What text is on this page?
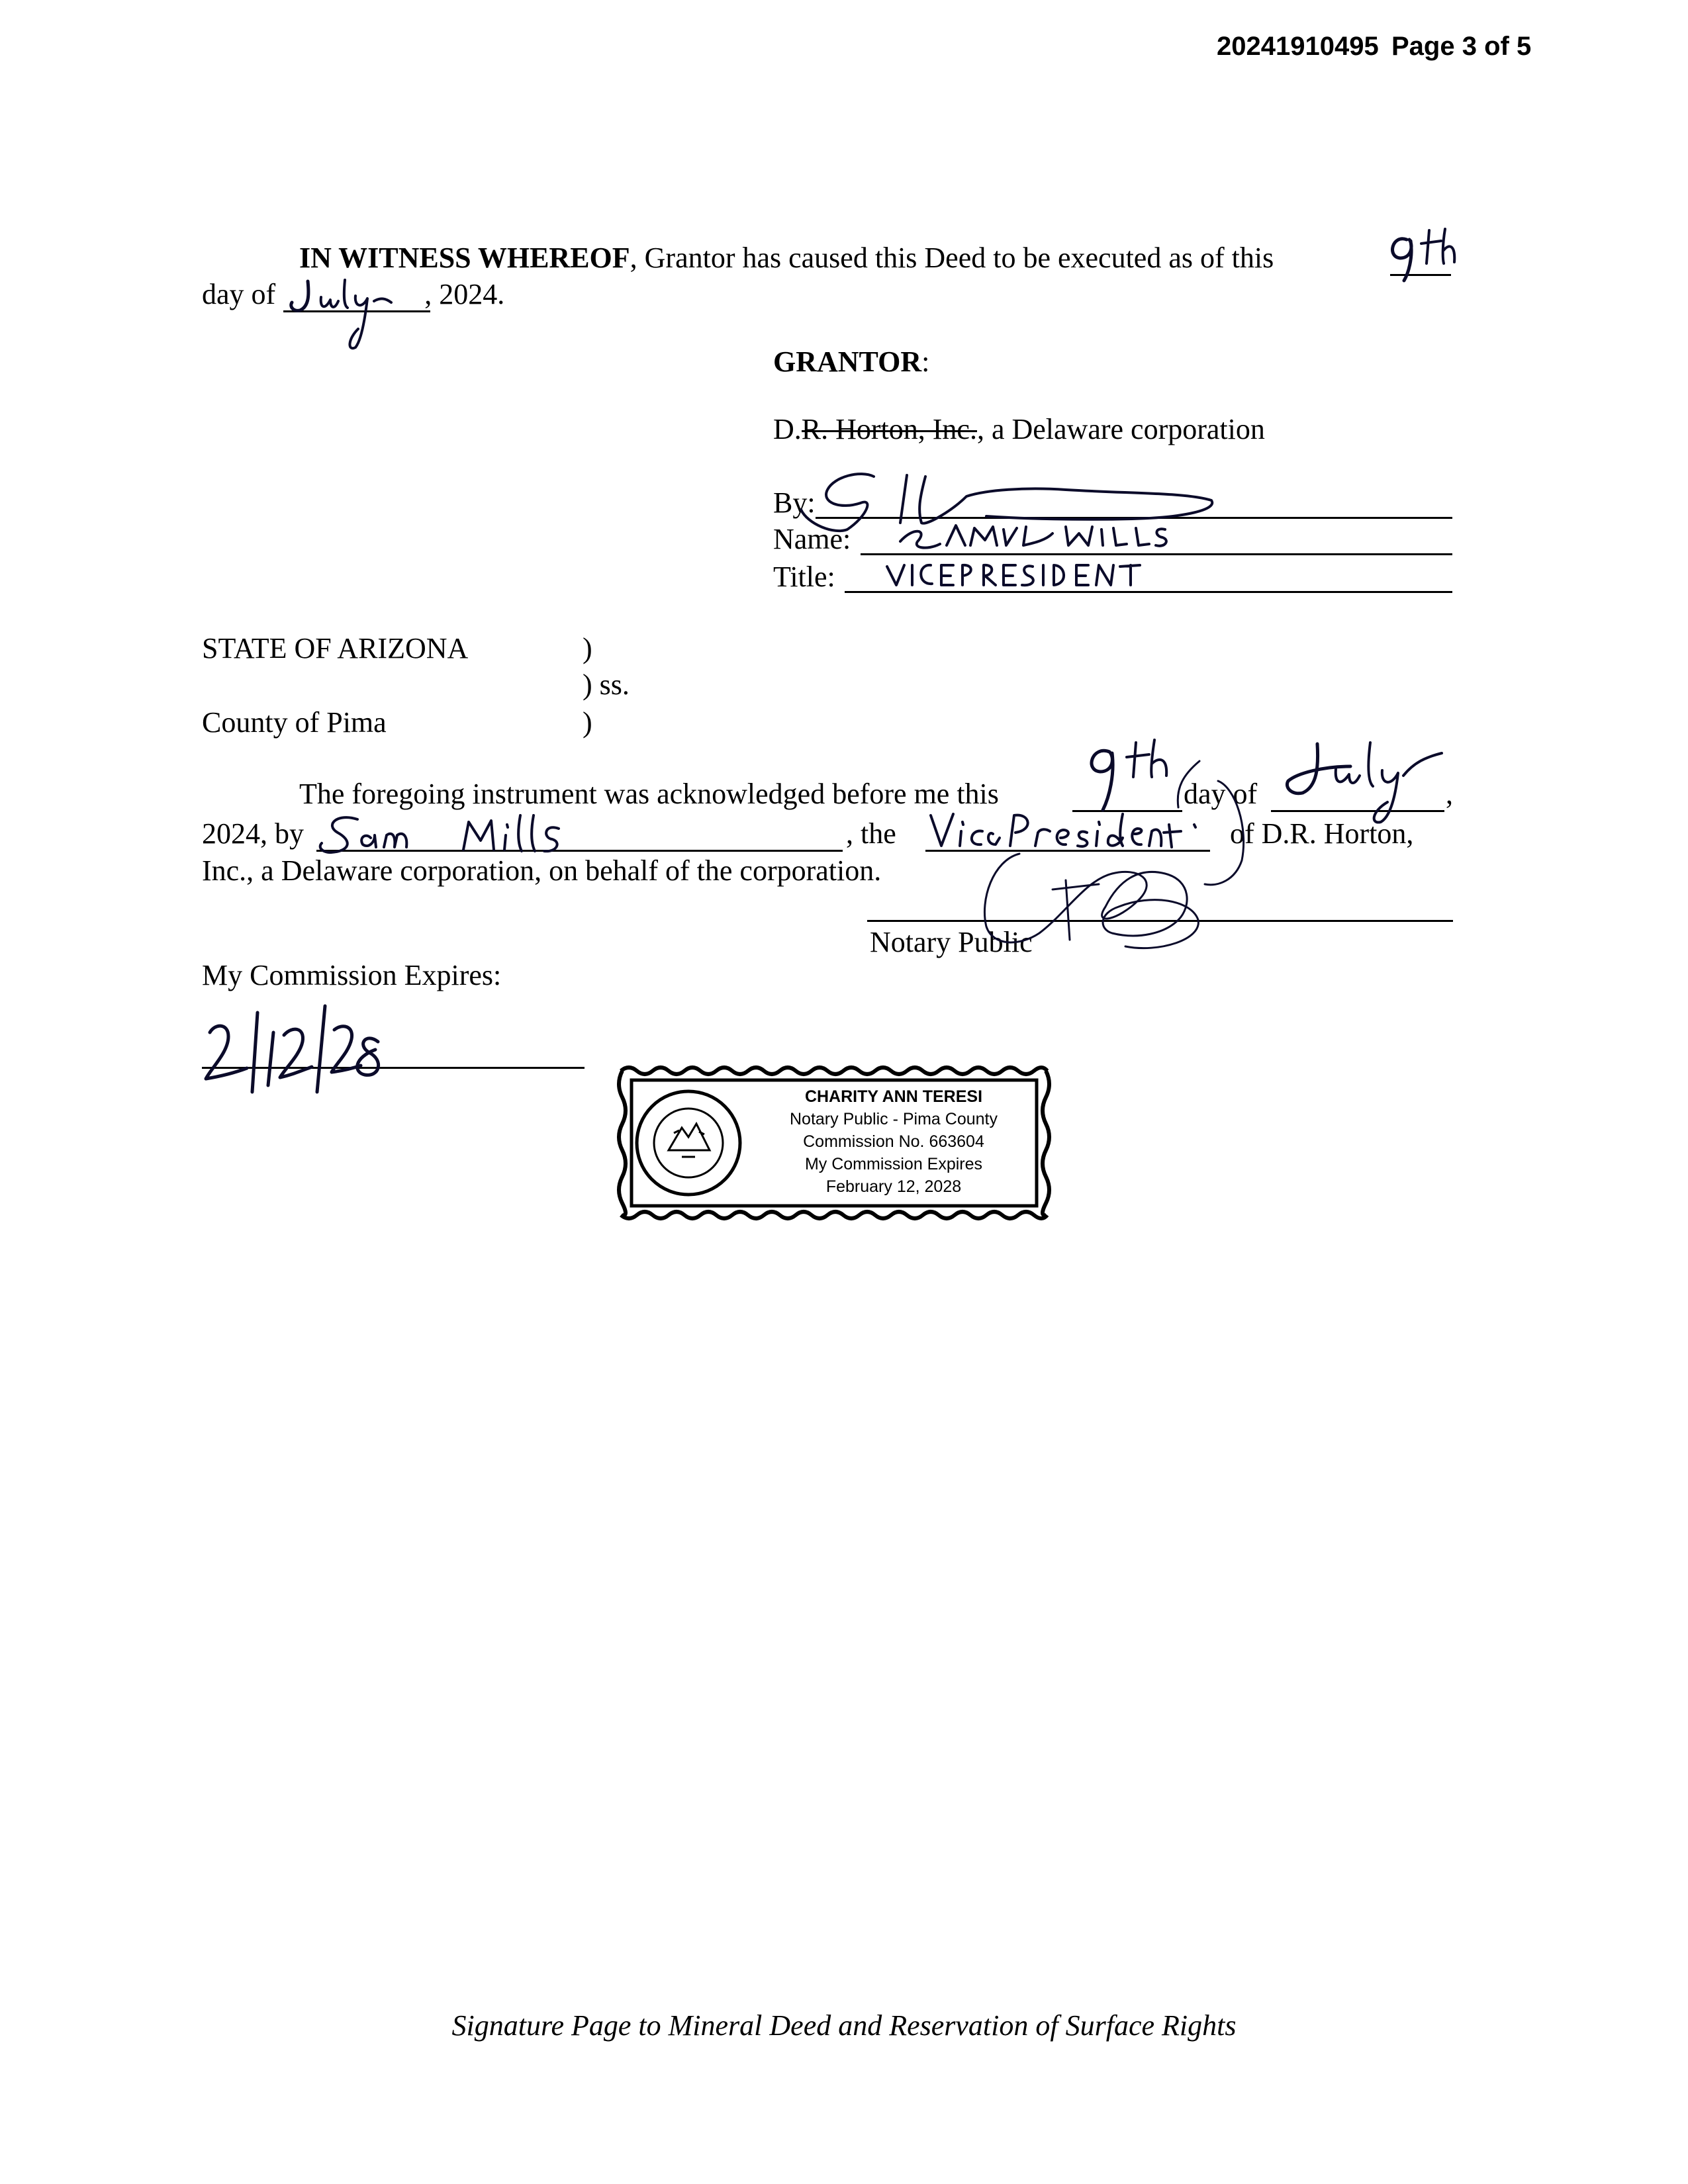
20241910495 Page 3 of 5
IN WITNESS WHEREOF, Grantor has caused this Deed to be executed as of this
day of	, 2024.
GRANTOR:
D.R. Horton, Inc., a Delaware corporation
By:
Name:
Title:
STATE OF ARIZONA	)
) ss.
County of Pima	)
The foregoing instrument was acknowledged before me this	day of	,
2024, by	, the	of D.R. Horton,
Inc., a Delaware corporation, on behalf of the corporation.
Notary Public
My Commission Expires:
CHARITY ANN TERESI
Notary Public - Pima County
Commission No. 663604
My Commission Expires
February 12, 2028
Signature Page to Mineral Deed and Reservation of Surface Rights
